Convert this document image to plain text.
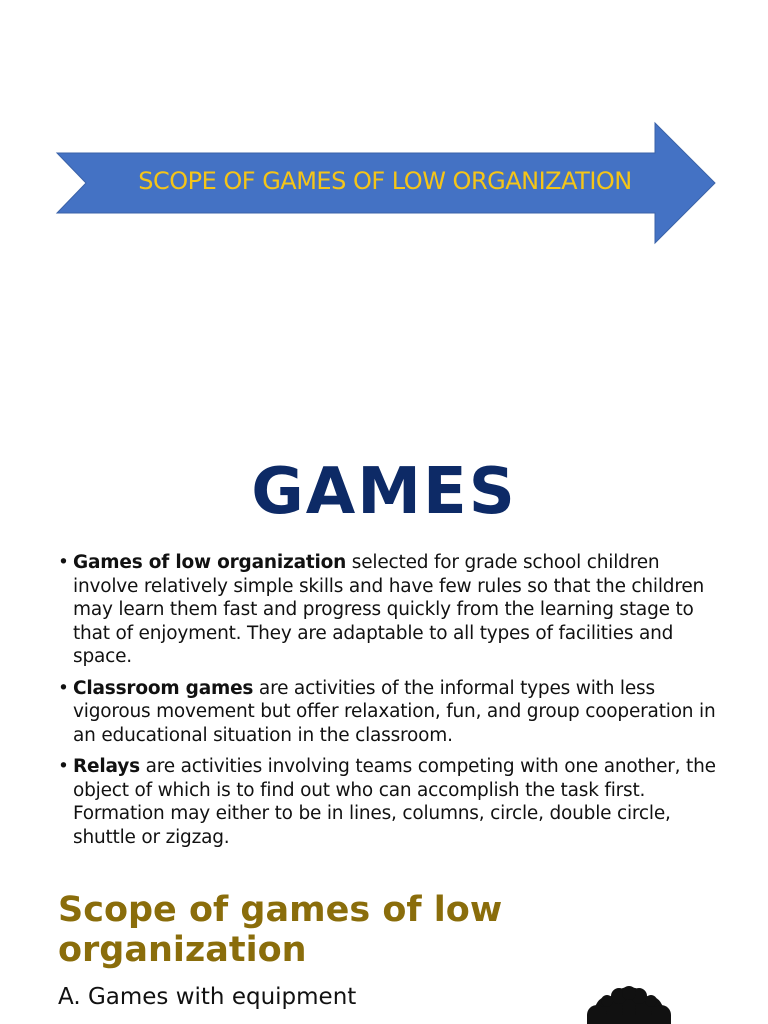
SCOPE OF GAMES OF LOW ORGANIZATION
GAMES
• Games of low organization selected for grade school children involve relatively simple skills and have few rules so that the children may learn them fast and progress quickly from the learning stage to that of enjoyment. They are adaptable to all types of facilities and space.
• Classroom games are activities of the informal types with less vigorous movement but offer relaxation, fun, and group cooperation in an educational situation in the classroom.
• Relays are activities involving teams competing with one another, the object of which is to find out who can accomplish the task first. Formation may either to be in lines, columns, circle, double circle, shuttle or zigzag.
Scope of games of low organization
A. Games with equipment
